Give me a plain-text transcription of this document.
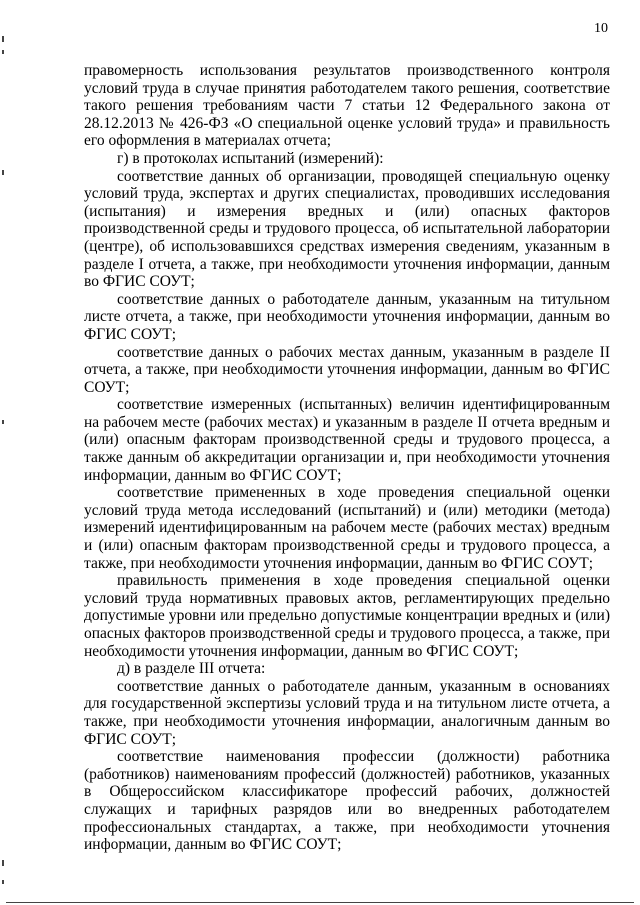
10

правомерность использования результатов производственного контроля условий труда в случае принятия работодателем такого решения, соответствие такого решения требованиям части 7 статьи 12 Федерального закона от 28.12.2013 № 426-ФЗ «О специальной оценке условий труда» и правильность его оформления в материалах отчета;

г) в протоколах испытаний (измерений):

соответствие данных об организации, проводящей специальную оценку условий труда, экспертах и других специалистах, проводивших исследования (испытания) и измерения вредных и (или) опасных факторов производственной среды и трудового процесса, об испытательной лаборатории (центре), об использовавшихся средствах измерения сведениям, указанным в разделе I отчета, а также, при необходимости уточнения информации, данным во ФГИС СОУТ;

соответствие данных о работодателе данным, указанным на титульном листе отчета, а также, при необходимости уточнения информации, данным во ФГИС СОУТ;

соответствие данных о рабочих местах данным, указанным в разделе II отчета, а также, при необходимости уточнения информации, данным во ФГИС СОУТ;

соответствие измеренных (испытанных) величин идентифицированным на рабочем месте (рабочих местах) и указанным в разделе II отчета вредным и (или) опасным факторам производственной среды и трудового процесса, а также данным об аккредитации организации и, при необходимости уточнения информации, данным во ФГИС СОУТ;

соответствие примененных в ходе проведения специальной оценки условий труда метода исследований (испытаний) и (или) методики (метода) измерений идентифицированным на рабочем месте (рабочих местах) вредным и (или) опасным факторам производственной среды и трудового процесса, а также, при необходимости уточнения информации, данным во ФГИС СОУТ;

правильность применения в ходе проведения специальной оценки условий труда нормативных правовых актов, регламентирующих предельно допустимые уровни или предельно допустимые концентрации вредных и (или) опасных факторов производственной среды и трудового процесса, а также, при необходимости уточнения информации, данным во ФГИС СОУТ;

д) в разделе III отчета:

соответствие данных о работодателе данным, указанным в основаниях для государственной экспертизы условий труда и на титульном листе отчета, а также, при необходимости уточнения информации, аналогичным данным во ФГИС СОУТ;

соответствие наименования профессии (должности) работника (работников) наименованиям профессий (должностей) работников, указанных в Общероссийском классификаторе профессий рабочих, должностей служащих и тарифных разрядов или во внедренных работодателем профессиональных стандартах, а также, при необходимости уточнения информации, данным во ФГИС СОУТ;
